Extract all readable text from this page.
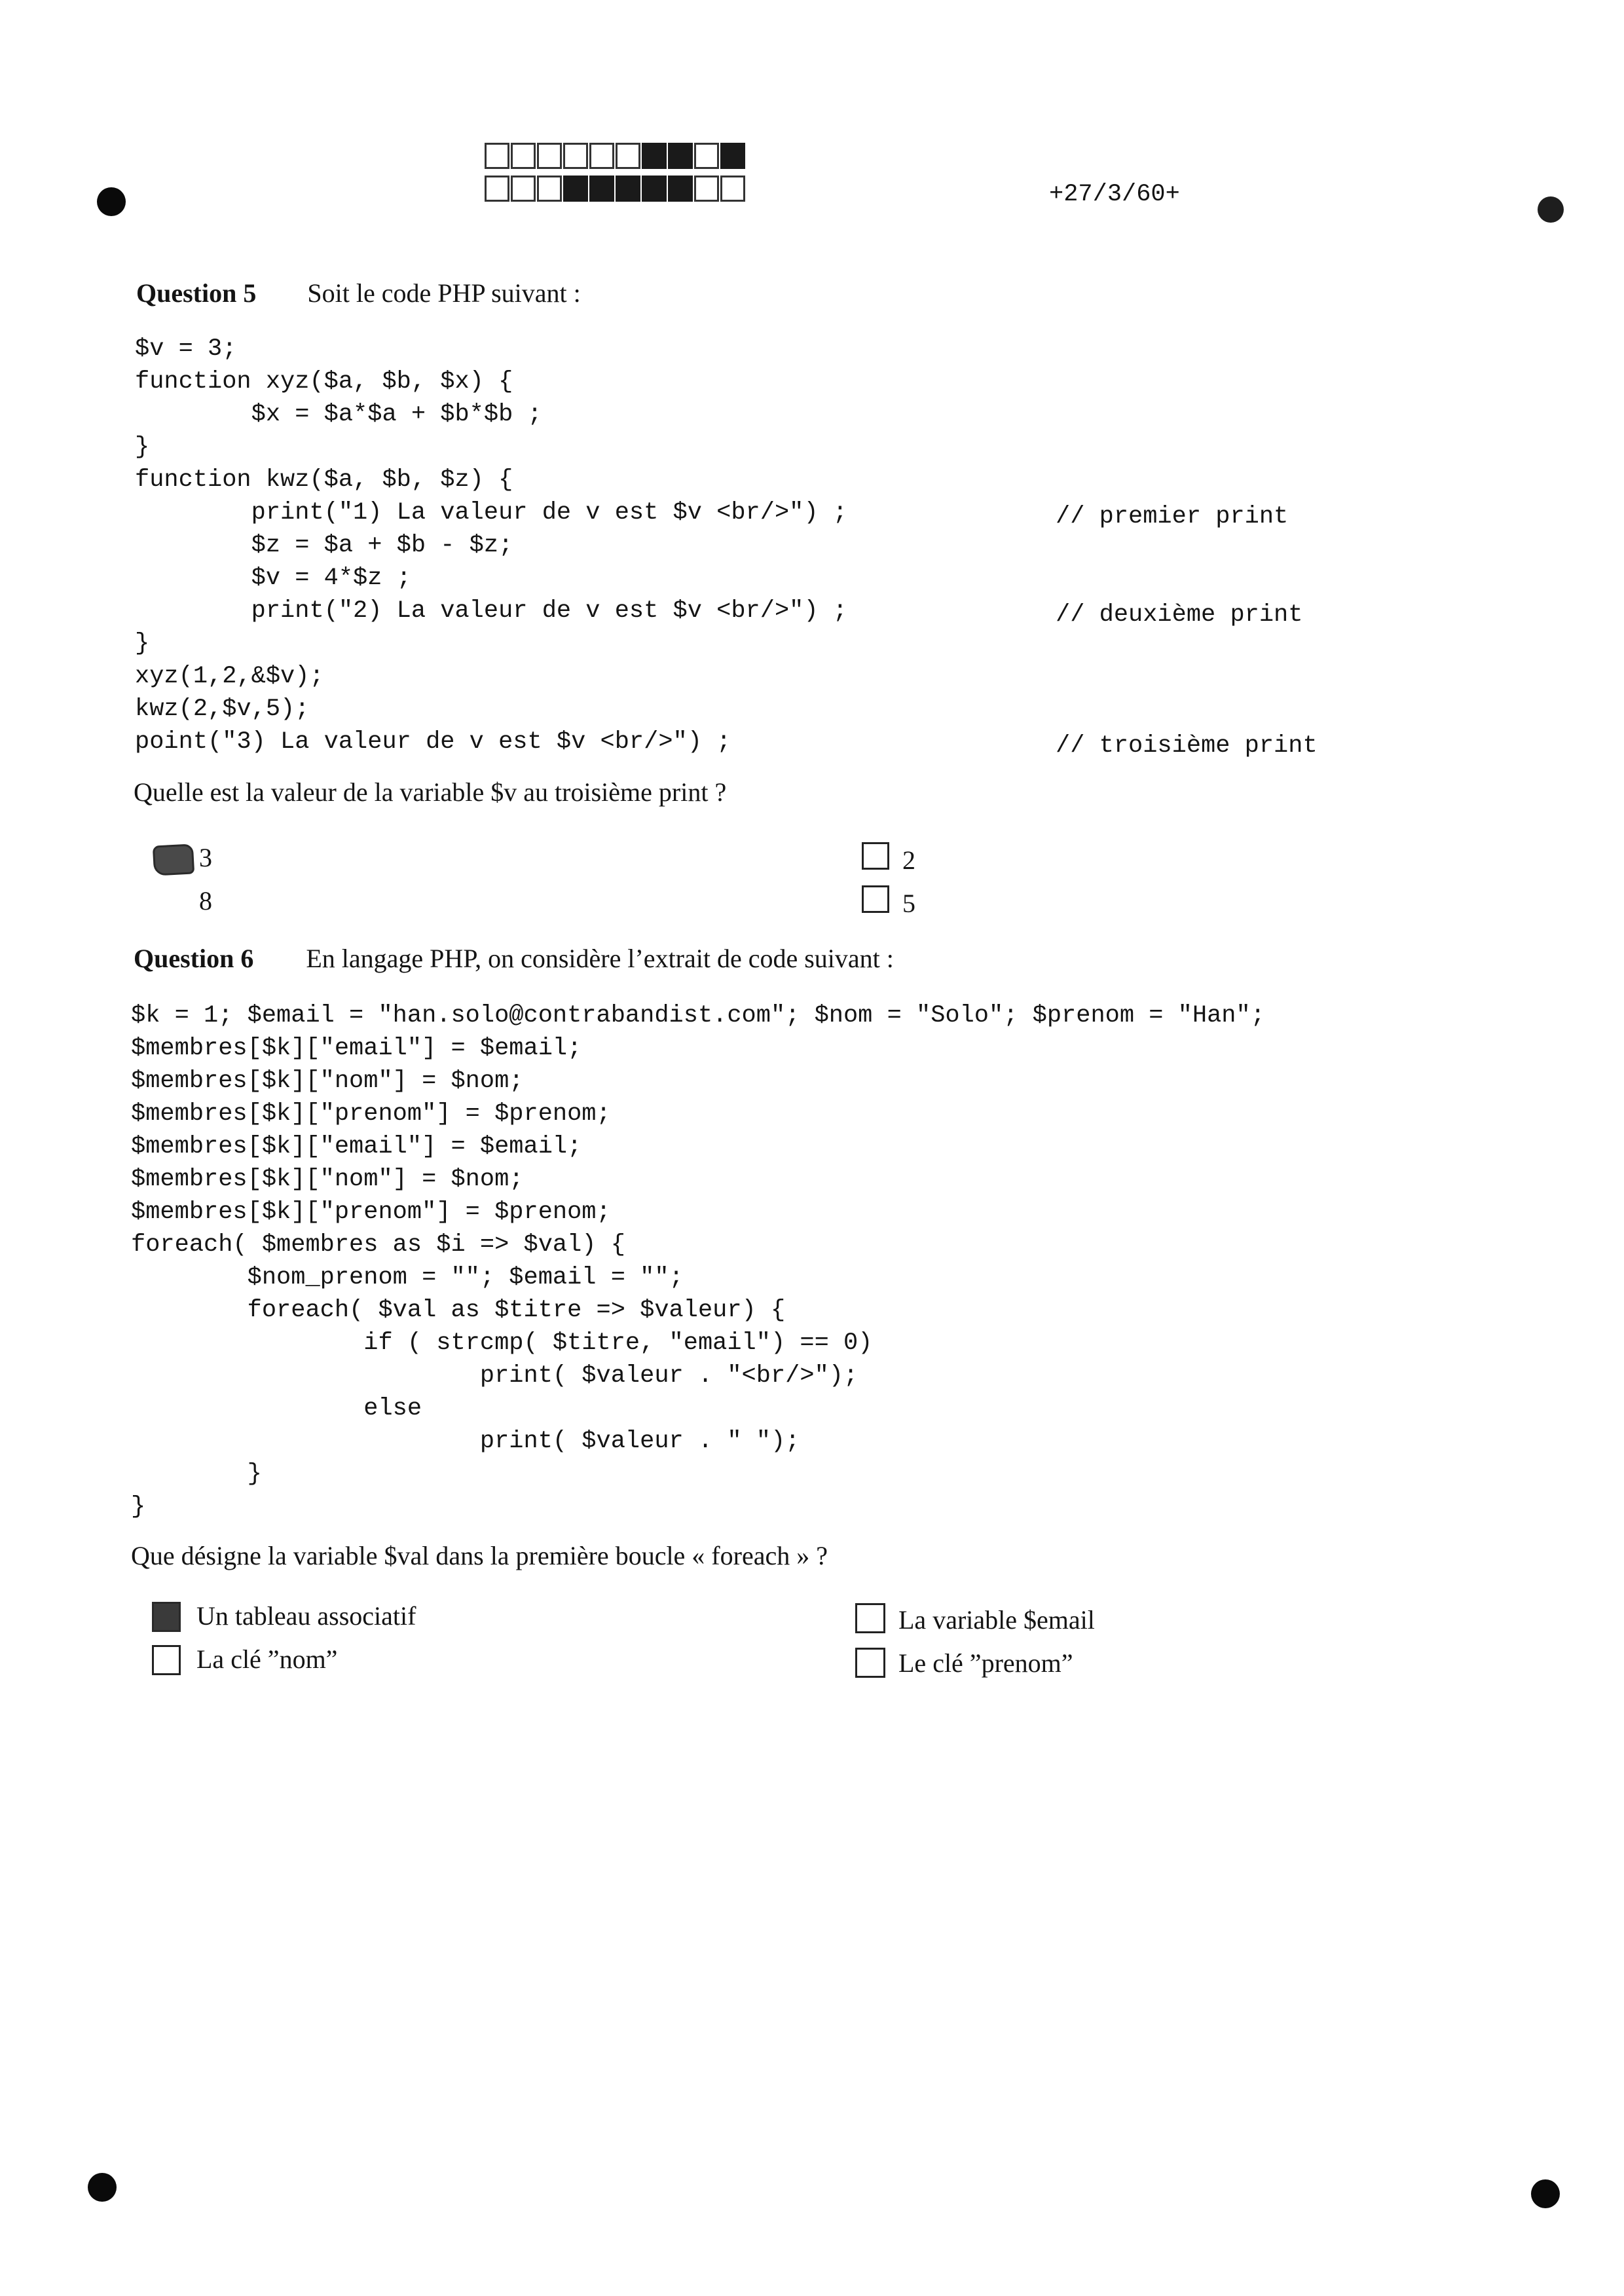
+27/3/60+
Question 5 Soit le code PHP suivant :
$v = 3;
function xyz($a, $b, $x) {
$x = $a*$a + $b*$b ;
}
function kwz($a, $b, $z) {
print("1) La valeur de v est $v <br/>") ;
$z = $a + $b - $z;
$v = 4*$z ;
print("2) La valeur de v est $v <br/>") ;
}
xyz(1,2,&$v);
kwz(2,$v,5);
point("3) La valeur de v est $v <br/>") ;
// premier print
// deuxième print
// troisième print
Quelle est la valeur de la variable $v au troisième print ?
3	2
8	5
Question 6 En langage PHP, on considère l’extrait de code suivant :
$k = 1; $email = "han.solo@contrabandist.com"; $nom = "Solo"; $prenom = "Han";
$membres[$k]["email"] = $email;
$membres[$k]["nom"] = $nom;
$membres[$k]["prenom"] = $prenom;
$membres[$k]["email"] = $email;
$membres[$k]["nom"] = $nom;
$membres[$k]["prenom"] = $prenom;
foreach( $membres as $i => $val) {
$nom_prenom = ""; $email = "";
foreach( $val as $titre => $valeur) {
if ( strcmp( $titre, "email") == 0)
print( $valeur . "<br/>");
else
print( $valeur . " ");
}
}
Que désigne la variable $val dans la première boucle « foreach » ?
Un tableau associatif	La variable $email
La clé ”nom”	Le clé ”prenom”
